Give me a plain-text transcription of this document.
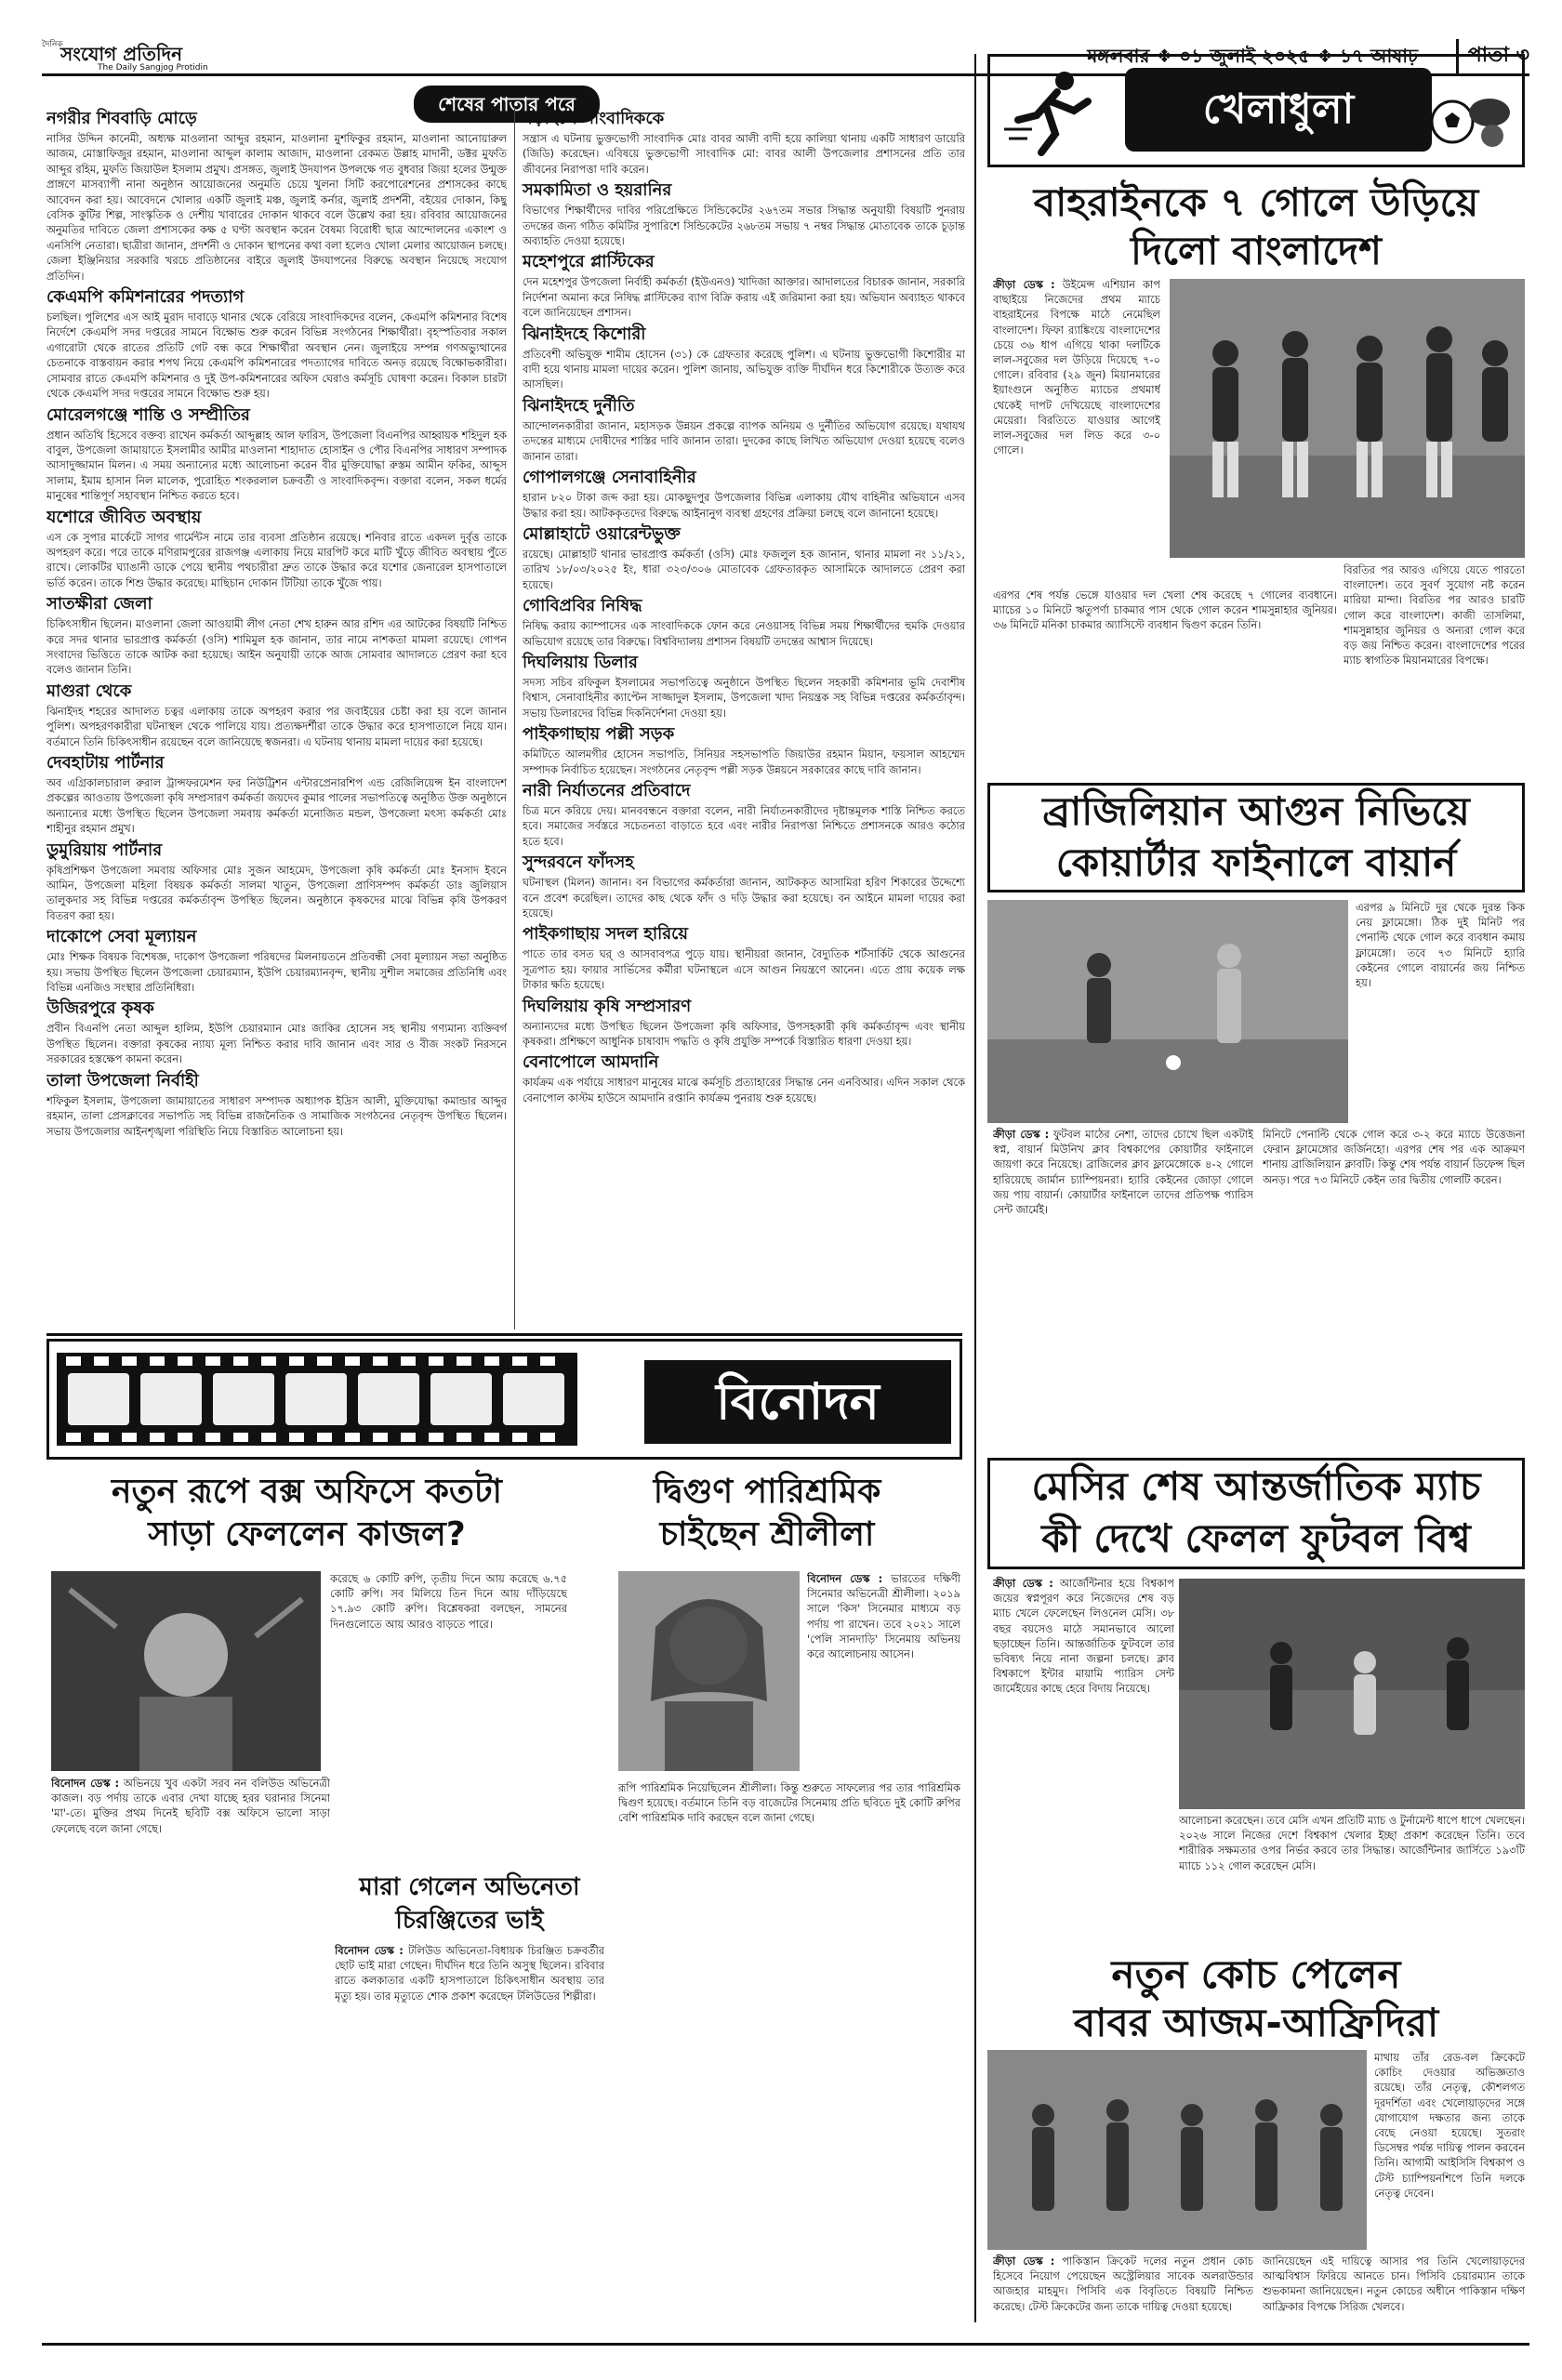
দৈনিক
সংযোগ প্রতিদিন
The Daily Sangjog Protidin
মঙ্গলবার ❖ ০১ জুলাই ২০২৫ ❖ ১৭ আষাঢ়	পাতা ৩
শেষের পাতার পরে
নগরীর শিববাড়ি মোড়ে

নাসির উদ্দিন কানেমী, অধ্যক্ষ মাওলানা আব্দুর রহমান, মাওলানা মুশফিকুর রহমান, মাওলানা আনোয়ারুল আজম, মোস্তাফিজুর রহমান, মাওলানা আব্দুল কালাম আজাদ, মাওলানা রেকমত উল্লাহ মাদানী, ডক্টর মুফতি আব্দুর রহিম, মুফতি জিয়াউল ইসলাম প্রমুখ। প্রসঙ্গত, জুলাই উদযাপন উপলক্ষে গত বুধবার জিয়া হলের উন্মুক্ত প্রাঙ্গণে মাসব্যাপী নানা অনুষ্ঠান আয়োজনের অনুমতি চেয়ে খুলনা সিটি করপোরেশনের প্রশাসকের কাছে আবেদন করা হয়। আবেদনে খোলার একটি জুলাই মঞ্চ, জুলাই কর্নার, জুলাই প্রদর্শনী, বইয়ের দোকান, কিছু বেসিক কুটির শিল্প, সাংস্কৃতিক ও দেশীয় খাবারের দোকান থাকবে বলে উল্লেখ করা হয়। রবিবার আয়োজনের অনুমতির দাবিতে জেলা প্রশাসকের কক্ষ ৫ ঘণ্টা অবস্থান করেন বৈষম্য বিরোধী ছাত্র আন্দোলনের একাংশ ও এনসিপি নেতারা। ছাত্রীরা জানান, প্রদর্শনী ও দোকান স্থাপনের কথা বলা হলেও খোলা মেলার আয়োজন চলছে। জেলা ইঞ্জিনিয়ার সরকারি খরচে প্রতিষ্ঠানের বাইরে জুলাই উদযাপনের বিরুদ্ধে অবস্থান নিয়েছে সংযোগ প্রতিদিন।

কেএমপি কমিশনারের পদত্যাগ

চলছিল। পুলিশের এস আই মুরাদ দাবাড়ে থানার থেকে বেরিয়ে সাংবাদিকদের বলেন, কেএমপি কমিশনার বিশেষ নির্দেশে কেএমপি সদর দপ্তরের সামনে বিক্ষোভ শুরু করেন বিভিন্ন সংগঠনের শিক্ষার্থীরা। বৃহস্পতিবার সকাল এগারোটা থেকে রাতের প্রতিটি গেট বন্ধ করে শিক্ষার্থীরা অবস্থান নেন। জুলাইয়ে সম্পন্ন গণঅভ্যুত্থানের চেতনাকে বাস্তবায়ন করার শপথ নিয়ে কেএমপি কমিশনারের পদত্যাগের দাবিতে অনড় রয়েছে বিক্ষোভকারীরা। সোমবার রাতে কেএমপি কমিশনার ও দুই উপ-কমিশনারের অফিস ঘেরাও কর্মসূচি ঘোষণা করেন। বিকাল চারটা থেকে কেএমপি সদর দপ্তরের সামনে বিক্ষোভ শুরু হয়।

মোরেলগঞ্জে শান্তি ও সম্প্রীতির

প্রধান অতিথি হিসেবে বক্তব্য রাখেন কর্মকর্তা আব্দুল্লাহ আল ফারিস, উপজেলা বিএনপির আহ্বায়ক শহিদুল হক বাবুল, উপজেলা জামায়াতে ইসলামীর আমীর মাওলানা শাহাদাত হোসাইন ও পৌর বিএনপির সাধারণ সম্পাদক আসাদুজ্জামান মিলন। এ সময় অন্যান্যের মধ্যে আলোচনা করেন বীর মুক্তিযোদ্ধা রুস্তম আমীন ফকির, আব্দুস সালাম, ইমাম হাসান নিল মালেক, পুরোহিত শংকরলাল চক্রবর্তী ও সাংবাদিকবৃন্দ। বক্তারা বলেন, সকল ধর্মের মানুষের শান্তিপূর্ণ সহাবস্থান নিশ্চিত করতে হবে।

যশোরে জীবিত অবস্থায়

এস কে সুপার মার্কেটে সাগর গার্মেন্টস নামে তার ব্যবসা প্রতিষ্ঠান রয়েছে। শনিবার রাতে একদল দুর্বৃত্ত তাকে অপহরণ করে। পরে তাকে মণিরামপুরের রাজগঞ্জ এলাকায় নিয়ে মারপিট করে মাটি খুঁড়ে জীবিত অবস্থায় পুঁতে রাখে। লোকটির ঘ্যাঙানী ডাকে পেয়ে স্থানীয় পথচারীরা দ্রুত তাকে উদ্ধার করে যশোর জেনারেল হাসপাতালে ভর্তি করেন। তাকে শিশু উদ্ধার করেছে। মাছিচান দোকান টিটিয়া তাকে খুঁজে পায়।

সাতক্ষীরা জেলা

চিকিৎসাধীন ছিলেন। মাওলানা জেলা আওয়ামী লীগ নেতা শেখ হারুন আর রশিদ এর আটকের বিষয়টি নিশ্চিত করে সদর থানার ভারপ্রাপ্ত কর্মকর্তা (ওসি) শামিমুল হক জানান, তার নামে নাশকতা মামলা রয়েছে। গোপন সংবাদের ভিত্তিতে তাকে আটক করা হয়েছে। আইন অনুযায়ী তাকে আজ সোমবার আদালতে প্রেরণ করা হবে বলেও জানান তিনি।

মাগুরা থেকে

ঝিনাইদহ শহরের আদালত চত্বর এলাকায় তাকে অপহরণ করার পর জবাইয়ের চেষ্টা করা হয় বলে জানান পুলিশ। অপহরণকারীরা ঘটনাস্থল থেকে পালিয়ে যায়। প্রত্যক্ষদর্শীরা তাকে উদ্ধার করে হাসপাতালে নিয়ে যান। বর্তমানে তিনি চিকিৎসাধীন রয়েছেন বলে জানিয়েছে স্বজনরা। এ ঘটনায় থানায় মামলা দায়ের করা হয়েছে।

দেবহাটায় পার্টনার

অব এগ্রিকালচারাল রুরাল ট্রান্সফরমেশন ফর নিউট্রিশন এন্টারপ্রেনারশিপ এন্ড রেজিলিয়েন্স ইন বাংলাদেশ প্রকল্পের আওতায় উপজেলা কৃষি সম্প্রসারণ কর্মকর্তা জয়দেব কুমার পালের সভাপতিত্বে অনুষ্ঠিত উক্ত অনুষ্ঠানে অন্যান্যের মধ্যে উপস্থিত ছিলেন উপজেলা সমবায় কর্মকর্তা মনোজিত মন্ডল, উপজেলা মৎস্য কর্মকর্তা মোঃ শাহীনুর রহমান প্রমুখ।

ডুমুরিয়ায় পার্টনার

কৃষিপ্রশিক্ষণ উপজেলা সমবায় অফিসার মোঃ সুজন আহমেদ, উপজেলা কৃষি কর্মকর্তা মোঃ ইনসাদ ইবনে আমিন, উপজেলা মহিলা বিষয়ক কর্মকর্তা সালমা খাতুন, উপজেলা প্রাণিসম্পদ কর্মকর্তা ডাঃ জুলিয়াস তালুকদার সহ বিভিন্ন দপ্তরের কর্মকর্তাবৃন্দ উপস্থিত ছিলেন। অনুষ্ঠানে কৃষকদের মাঝে বিভিন্ন কৃষি উপকরণ বিতরণ করা হয়।

দাকোপে সেবা মূল্যায়ন

মোঃ শিক্ষক বিষয়ক বিশেষজ্ঞ, দাকোপ উপজেলা পরিষদের মিলনায়তনে প্রতিবন্ধী সেবা মূল্যায়ন সভা অনুষ্ঠিত হয়। সভায় উপস্থিত ছিলেন উপজেলা চেয়ারম্যান, ইউপি চেয়ারম্যানবৃন্দ, স্থানীয় সুশীল সমাজের প্রতিনিধি এবং বিভিন্ন এনজিও সংস্থার প্রতিনিধিরা।

উজিরপুরে কৃষক

প্রবীন বিএনপি নেতা আব্দুল হালিম, ইউপি চেয়ারম্যান মোঃ জাকির হোসেন সহ স্থানীয় গণ্যমান্য ব্যক্তিবর্গ উপস্থিত ছিলেন। বক্তারা কৃষকের ন্যায্য মূল্য নিশ্চিত করার দাবি জানান এবং সার ও বীজ সংকট নিরসনে সরকারের হস্তক্ষেপ কামনা করেন।

তালা উপজেলা নির্বাহী

শফিকুল ইসলাম, উপজেলা জামায়াতের সাধারণ সম্পাদক অধ্যাপক ইদ্রিস আলী, মুক্তিযোদ্ধা কমান্ডার আব্দুর রহমান, তালা প্রেসক্লাবের সভাপতি সহ বিভিন্ন রাজনৈতিক ও সামাজিক সংগঠনের নেতৃবৃন্দ উপস্থিত ছিলেন। সভায় উপজেলার আইনশৃঙ্খলা পরিস্থিতি নিয়ে বিস্তারিত আলোচনা হয়।

নড়াইলে সাংবাদিককে

সন্ত্রাস এ ঘটনায় ভুক্তভোগী সাংবাদিক মোঃ বাবর আলী বাদী হয়ে কালিয়া থানায় একটি সাধারণ ডায়েরি (জিডি) করেছেন। এবিষয়ে ভুক্তভোগী সাংবাদিক মো: বাবর আলী উপজেলার প্রশাসনের প্রতি তার জীবনের নিরাপত্তা দাবি করেন।

সমকামিতা ও হয়রানির

বিভাগের শিক্ষার্থীদের দাবির পরিপ্রেক্ষিতে সিন্ডিকেটের ২৬৭তম সভার সিদ্ধান্ত অনুযায়ী বিষয়টি পুনরায় তদন্তের জন্য গঠিত কমিটির সুপারিশে সিন্ডিকেটের ২৬৮তম সভায় ৭ নম্বর সিদ্ধান্ত মোতাবেক তাকে চূড়ান্ত অব্যাহতি দেওয়া হয়েছে।

মহেশপুরে প্লাস্টিকের

দেন মহেশপুর উপজেলা নির্বাহী কর্মকর্তা (ইউএনও) খাদিজা আক্তার। আদালতের বিচারক জানান, সরকারি নির্দেশনা অমান্য করে নিষিদ্ধ প্লাস্টিকের ব্যাগ বিক্রি করায় এই জরিমানা করা হয়। অভিযান অব্যাহত থাকবে বলে জানিয়েছেন প্রশাসন।

ঝিনাইদহে কিশোরী

প্রতিবেশী অভিযুক্ত শামীম হোসেন (৩১) কে গ্রেফতার করেছে পুলিশ। এ ঘটনায় ভুক্তভোগী কিশোরীর মা বাদী হয়ে থানায় মামলা দায়ের করেন। পুলিশ জানায়, অভিযুক্ত ব্যক্তি দীর্ঘদিন ধরে কিশোরীকে উত্যক্ত করে আসছিল।

ঝিনাইদহে দুর্নীতি

আন্দোলনকারীরা জানান, মহাসড়ক উন্নয়ন প্রকল্পে ব্যাপক অনিয়ম ও দুর্নীতির অভিযোগ রয়েছে। যথাযথ তদন্তের মাধ্যমে দোষীদের শাস্তির দাবি জানান তারা। দুদকের কাছে লিখিত অভিযোগ দেওয়া হয়েছে বলেও জানান তারা।

গোপালগঞ্জে সেনাবাহিনীর

হারান ৮২০ টাকা জব্দ করা হয়। মোকছুদপুর উপজেলার বিভিন্ন এলাকায় যৌথ বাহিনীর অভিযানে এসব উদ্ধার করা হয়। আটককৃতদের বিরুদ্ধে আইনানুগ ব্যবস্থা গ্রহণের প্রক্রিয়া চলছে বলে জানানো হয়েছে।

মোল্লাহাটে ওয়ারেন্টভুক্ত

রয়েছে। মোল্লাহাট থানার ভারপ্রাপ্ত কর্মকর্তা (ওসি) মোঃ ফজলুল হক জানান, থানার মামলা নং ১১/২১, তারিখ ১৮/০৩/২০২৫ ইং, ধারা ৩২৩/৩০৬ মোতাবেক গ্রেফতারকৃত আসামিকে আদালতে প্রেরণ করা হয়েছে।

গোবিপ্রবির নিষিদ্ধ

নিষিদ্ধ করায় ক্যাম্পাসের এক সাংবাদিককে ফোন করে নেওয়াসহ বিভিন্ন সময় শিক্ষার্থীদের হুমকি দেওয়ার অভিযোগ রয়েছে তার বিরুদ্ধে। বিশ্ববিদ্যালয় প্রশাসন বিষয়টি তদন্তের আশ্বাস দিয়েছে।

দিঘলিয়ায় ডিলার

সদস্য সচিব রফিকুল ইসলামের সভাপতিত্বে অনুষ্ঠানে উপস্থিত ছিলেন সহকারী কমিশনার ভূমি দেবাশীষ বিশ্বাস, সেনাবাহিনীর ক্যাপ্টেন সাজ্জাদুল ইসলাম, উপজেলা খাদ্য নিয়ন্ত্রক সহ বিভিন্ন দপ্তরের কর্মকর্তাবৃন্দ। সভায় ডিলারদের বিভিন্ন দিকনির্দেশনা দেওয়া হয়।

পাইকগাছায় পল্লী সড়ক

কমিটিতে আলমগীর হোসেন সভাপতি, সিনিয়র সহসভাপতি জিয়াউর রহমান মিয়ান, ফয়সাল আহম্মেদ সম্পাদক নির্বাচিত হয়েছেন। সংগঠনের নেতৃবৃন্দ পল্লী সড়ক উন্নয়নে সরকারের কাছে দাবি জানান।

নারী নির্যাতনের প্রতিবাদে

চিত্র মনে করিয়ে দেয়। মানববন্ধনে বক্তারা বলেন, নারী নির্যাতনকারীদের দৃষ্টান্তমূলক শাস্তি নিশ্চিত করতে হবে। সমাজের সর্বস্তরে সচেতনতা বাড়াতে হবে এবং নারীর নিরাপত্তা নিশ্চিতে প্রশাসনকে আরও কঠোর হতে হবে।

সুন্দরবনে ফাঁদসহ

ঘটনাস্থল (মিলন) জানান। বন বিভাগের কর্মকর্তারা জানান, আটককৃত আসামিরা হরিণ শিকারের উদ্দেশ্যে বনে প্রবেশ করেছিল। তাদের কাছ থেকে ফাঁদ ও দড়ি উদ্ধার করা হয়েছে। বন আইনে মামলা দায়ের করা হয়েছে।

পাইকগাছায় সদল হারিয়ে

পাতে তার বসত ঘর্ ও আসবাবপত্র পুড়ে যায়। স্থানীয়রা জানান, বৈদ্যুতিক শর্টসার্কিট থেকে আগুনের সূত্রপাত হয়। ফায়ার সার্ভিসের কর্মীরা ঘটনাস্থলে এসে আগুন নিয়ন্ত্রণে আনেন। এতে প্রায় কয়েক লক্ষ টাকার ক্ষতি হয়েছে।

দিঘলিয়ায় কৃষি সম্প্রসারণ

অন্যান্যদের মধ্যে উপস্থিত ছিলেন উপজেলা কৃষি অফিসার, উপসহকারী কৃষি কর্মকর্তাবৃন্দ এবং স্থানীয় কৃষকরা। প্রশিক্ষণে আধুনিক চাষাবাদ পদ্ধতি ও কৃষি প্রযুক্তি সম্পর্কে বিস্তারিত ধারণা দেওয়া হয়।

বেনাপোলে আমদানি

কার্যক্রম এক পর্যায়ে সাধারণ মানুষের মাঝে কর্মসূচি প্রত্যাহারের সিদ্ধান্ত নেন এনবিআর। এদিন সকাল থেকে বেনাপোল কাস্টম হাউসে আমদানি রপ্তানি কার্যক্রম পুনরায় শুরু হয়েছে।

খেলাধুলা
বাহরাইনকে ৭ গোলে উড়িয়ে
দিলো বাংলাদেশ
ক্রীড়া ডেস্ক : উইমেন্স এশিয়ান কাপ বাছাইয়ে নিজেদের প্রথম ম্যাচে বাহরাইনের বিপক্ষে মাঠে নেমেছিল বাংলাদেশ। ফিফা র‌্যাঙ্কিংয়ে বাংলাদেশের চেয়ে ৩৬ ধাপ এগিয়ে থাকা দলটিকে লাল-সবুজের দল উড়িয়ে দিয়েছে ৭-০ গোলে। রবিবার (২৯ জুন) মিয়ানমারের ইয়াংগুনে অনুষ্ঠিত ম্যাচের প্রথমার্ধ থেকেই দাপট দেখিয়েছে বাংলাদেশের মেয়েরা। বিরতিতে যাওয়ার আগেই লাল-সবুজের দল লিড করে ৩-০ গোলে।
এরপর শেষ পর্যন্ত ভেঙ্গে যাওয়ার দল খেলা শেষ করেছে ৭ গোলের ব্যবধানে। ম্যাচের ১০ মিনিটে ঋতুপর্ণা চাকমার পাস থেকে গোল করেন শামসুন্নাহার জুনিয়র। ৩৬ মিনিটে মনিকা চাকমার অ্যাসিস্টে ব্যবধান দ্বিগুণ করেন তিনি।
বিরতির পর আরও এগিয়ে যেতে পারতো বাংলাদেশ। তবে সুবর্ণ সুযোগ নষ্ট করেন মারিয়া মান্দা। বিরতির পর আরও চারটি গোল করে বাংলাদেশ। কাজী তাসলিমা, শামসুন্নাহার জুনিয়র ও অন্যরা গোল করে বড় জয় নিশ্চিত করেন। বাংলাদেশের পরের ম্যাচ স্বাগতিক মিয়ানমারের বিপক্ষে।
ব্রাজিলিয়ান আগুন নিভিয়ে
কোয়ার্টার ফাইনালে বায়ার্ন
এরপর ৯ মিনিটে দুর থেকে দুরন্ত কিক নেয় ফ্লামেঙ্গো। ঠিক দুই মিনিট পর পেনাল্টি থেকে গোল করে ব্যবধান কমায় ফ্লামেঙ্গো। তবে ৭৩ মিনিটে হ্যারি কেইনের গোলে বায়ার্নের জয় নিশ্চিত হয়।
ক্রীড়া ডেস্ক : ফুটবল মাঠের নেশা, তাদের চোখে ছিল একটাই স্বপ্ন, বায়ার্ন মিউনিখ ক্লাব বিশ্বকাপের কোয়ার্টার ফাইনালে জায়গা করে নিয়েছে। ব্রাজিলের ক্লাব ফ্লামেঙ্গোকে ৪-২ গোলে হারিয়েছে জার্মান চ্যাম্পিয়নরা। হ্যারি কেইনের জোড়া গোলে জয় পায় বায়ার্ন। কোয়ার্টার ফাইনালে তাদের প্রতিপক্ষ প্যারিস সেন্ট জার্মেই।
মিনিটে পেনাল্টি থেকে গোল করে ৩-২ করে ম্যাচে উত্তেজনা ফেরান ফ্লামেঙ্গোর জর্জিনহো। এরপর শেষ পর এক আক্রমণ শানায় ব্রাজিলিয়ান ক্লাবটি। কিন্তু শেষ পর্যন্ত বায়ার্ন ডিফেন্স ছিল অনড়। পরে ৭৩ মিনিটে কেইন তার দ্বিতীয় গোলটি করেন।
মেসির শেষ আন্তর্জাতিক ম্যাচ
কী দেখে ফেলল ফুটবল বিশ্ব
ক্রীড়া ডেস্ক : আর্জেন্টিনার হয়ে বিশ্বকাপ জয়ের স্বপ্নপূরণ করে নিজেদের শেষ বড় ম্যাচ খেলে ফেলেছেন লিওনেল মেসি। ৩৮ বছর বয়সেও মাঠে সমানভাবে আলো ছড়াচ্ছেন তিনি। আন্তর্জাতিক ফুটবলে তার ভবিষ্যৎ নিয়ে নানা জল্পনা চলছে। ক্লাব বিশ্বকাপে ইন্টার মায়ামি প্যারিস সেন্ট জার্মেইয়ের কাছে হেরে বিদায় নিয়েছে।
আলোচনা করেছেন। তবে মেসি এখন প্রতিটি ম্যাচ ও টুর্নামেন্ট ধাপে ধাপে খেলছেন। ২০২৬ সালে নিজের দেশে বিশ্বকাপ খেলার ইচ্ছা প্রকাশ করেছেন তিনি। তবে শারীরিক সক্ষমতার ওপর নির্ভর করবে তার সিদ্ধান্ত। আর্জেন্টিনার জার্সিতে ১৯৩টি ম্যাচে ১১২ গোল করেছেন মেসি।
নতুন কোচ পেলেন
বাবর আজম-আফ্রিদিরা
মাথায় তাঁর রেড-বল ক্রিকেটে কোচিং দেওয়ার অভিজ্ঞতাও রয়েছে। তাঁর নেতৃত্ব, কৌশলগত দূরদর্শিতা এবং খেলোয়াড়দের সঙ্গে যোগাযোগ দক্ষতার জন্য তাকে বেছে নেওয়া হয়েছে। সুতরাং ডিসেম্বর পর্যন্ত দায়িত্ব পালন করবেন তিনি। আগামী আইসিসি বিশ্বকাপ ও টেস্ট চ্যাম্পিয়নশিপে তিনি দলকে নেতৃত্ব দেবেন।
ক্রীড়া ডেস্ক : পাকিস্তান ক্রিকেট দলের নতুন প্রধান কোচ হিসেবে নিয়োগ পেয়েছেন অস্ট্রেলিয়ার সাবেক অলরাউন্ডার আজহার মাহমুদ। পিসিবি এক বিবৃতিতে বিষয়টি নিশ্চিত করেছে। টেস্ট ক্রিকেটের জন্য তাকে দায়িত্ব দেওয়া হয়েছে।
জানিয়েছেন এই দায়িত্বে আসার পর তিনি খেলোয়াড়দের আত্মবিশ্বাস ফিরিয়ে আনতে চান। পিসিবি চেয়ারম্যান তাকে শুভকামনা জানিয়েছেন। নতুন কোচের অধীনে পাকিস্তান দক্ষিণ আফ্রিকার বিপক্ষে সিরিজ খেলবে।
বিনোদন
নতুন রূপে বক্স অফিসে কতটা
সাড়া ফেললেন কাজল?
করেছে ৬ কোটি রুপি, তৃতীয় দিনে আয় করেছে ৬.৭৫ কোটি রুপি। সব মিলিয়ে তিন দিনে আয় দাঁড়িয়েছে ১৭.৯৩ কোটি রুপি। বিশ্লেষকরা বলছেন, সামনের দিনগুলোতে আয় আরও বাড়তে পারে।
বিনোদন ডেস্ক : অভিনয়ে খুব একটা সরব নন বলিউড অভিনেত্রী কাজল। বড় পর্দায় তাকে এবার দেখা যাচ্ছে হরর ঘরানার সিনেমা 'মা'-তে। মুক্তির প্রথম দিনেই ছবিটি বক্স অফিসে ভালো সাড়া ফেলেছে বলে জানা গেছে।
দ্বিগুণ পারিশ্রমিক
চাইছেন শ্রীলীলা
বিনোদন ডেস্ক : ভারতের দক্ষিণী সিনেমার অভিনেত্রী শ্রীলীলা। ২০১৯ সালে 'কিস' সিনেমার মাধ্যমে বড় পর্দায় পা রাখেন। তবে ২০২১ সালে 'পেলি সানদাড়ি' সিনেমায় অভিনয় করে আলোচনায় আসেন।
রূপি পারিশ্রমিক নিয়েছিলেন শ্রীলীলা। কিন্তু শুরুতে সাফল্যের পর তার পারিশ্রমিক দ্বিগুণ হয়েছে। বর্তমানে তিনি বড় বাজেটের সিনেমায় প্রতি ছবিতে দুই কোটি রুপির বেশি পারিশ্রমিক দাবি করছেন বলে জানা গেছে।
মারা গেলেন অভিনেতা
চিরঞ্জিতের ভাই
বিনোদন ডেস্ক : টলিউড অভিনেতা-বিধায়ক চিরঞ্জিত চক্রবর্তীর ছোট ভাই মারা গেছেন। দীর্ঘদিন ধরে তিনি অসুস্থ ছিলেন। রবিবার রাতে কলকাতার একটি হাসপাতালে চিকিৎসাধীন অবস্থায় তার মৃত্যু হয়। তার মৃত্যুতে শোক প্রকাশ করেছেন টলিউডের শিল্পীরা।
